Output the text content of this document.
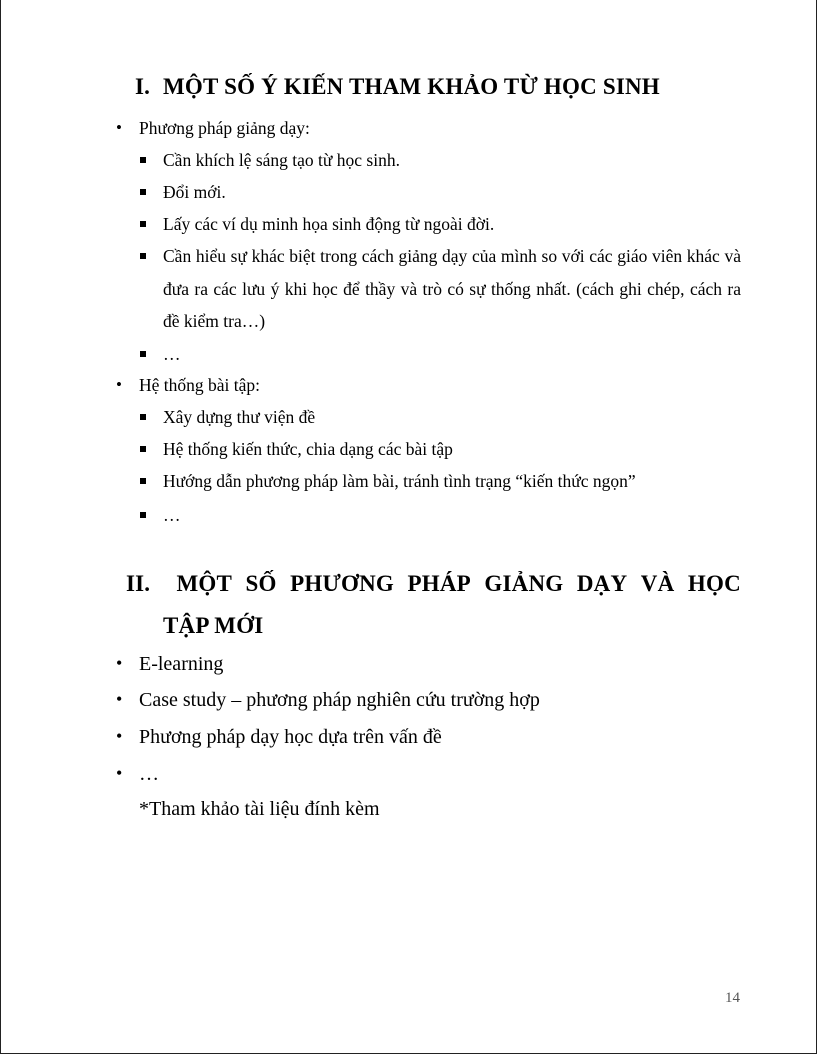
I. MỘT SỐ Ý KIẾN THAM KHẢO TỪ HỌC SINH
• Phương pháp giảng dạy:
Cần khích lệ sáng tạo từ học sinh.
Đổi mới.
Lấy các ví dụ minh họa sinh động từ ngoài đời.
Cần hiểu sự khác biệt trong cách giảng dạy của mình so với các giáo viên khác và đưa ra các lưu ý khi học để thầy và trò có sự thống nhất. (cách ghi chép, cách ra đề kiểm tra…)
…
• Hệ thống bài tập:
Xây dựng thư viện đề
Hệ thống kiến thức, chia dạng các bài tập
Hướng dẫn phương pháp làm bài, tránh tình trạng “kiến thức ngọn”
…
II.	MỘT SỐ PHƯƠNG PHÁP GIẢNG DẠY VÀ HỌC
TẬP MỚI
• E-learning
• Case study – phương pháp nghiên cứu trường hợp
• Phương pháp dạy học dựa trên vấn đề
• …
*Tham khảo tài liệu đính kèm
14
